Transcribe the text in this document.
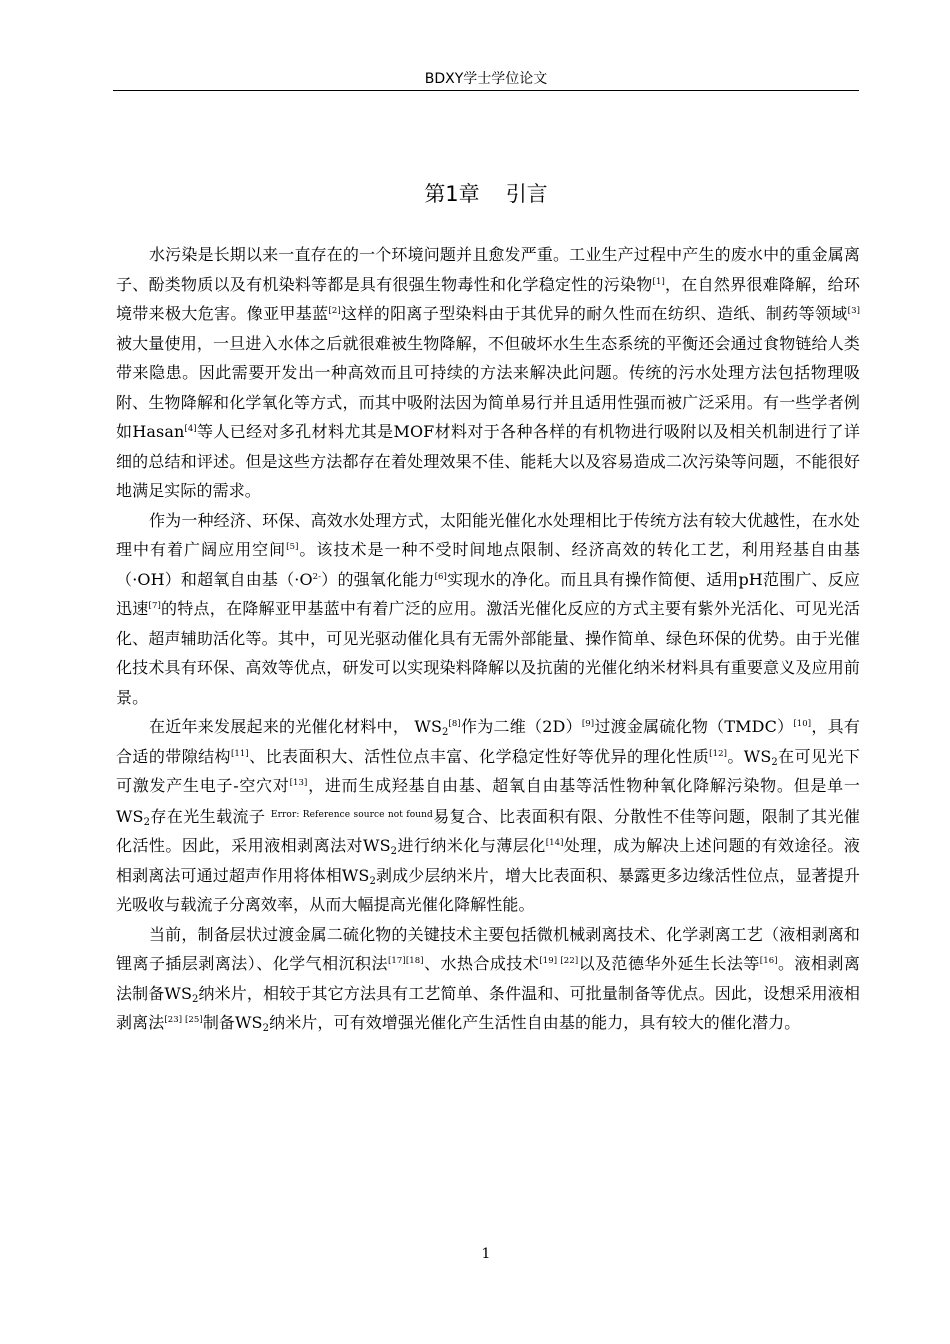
BDXY学士学位论文
第1章 引言

水污染是长期以来一直存在的一个环境问题并且愈发严重。工业生产过程中产生的废水中的重金属离子、酚类物质以及有机染料等都是具有很强生物毒性和化学稳定性的污染物[1]，在自然界很难降解，给环境带来极大危害。像亚甲基蓝[2]这样的阳离子型染料由于其优异的耐久性而在纺织、造纸、制药等领域[3]被大量使用，一旦进入水体之后就很难被生物降解，不但破坏水生生态系统的平衡还会通过食物链给人类带来隐患。因此需要开发出一种高效而且可持续的方法来解决此问题。传统的污水处理方法包括物理吸附、生物降解和化学氧化等方式，而其中吸附法因为简单易行并且适用性强而被广泛采用。有一些学者例如Hasan[4]等人已经对多孔材料尤其是MOF材料对于各种各样的有机物进行吸附以及相关机制进行了详细的总结和评述。但是这些方法都存在着处理效果不佳、能耗大以及容易造成二次污染等问题，不能很好地满足实际的需求。

作为一种经济、环保、高效水处理方式，太阳能光催化水处理相比于传统方法有较大优越性，在水处理中有着广阔应用空间[5]。该技术是一种不受时间地点限制、经济高效的转化工艺，利用羟基自由基（·OH）和超氧自由基$(\cdot O^{2-})$的强氧化能力[6]实现水的净化。而且具有操作简便、适用pH范围广、反应迅速[7]的特点，在降解亚甲基蓝中有着广泛的应用。激活光催化反应的方式主要有紫外光活化、可见光活化、超声辅助活化等。其中，可见光驱动催化具有无需外部能量、操作简单、绿色环保的优势。由于光催化技术具有环保、高效等优点，研发可以实现染料降解以及抗菌的光催化纳米材料具有重要意义及应用前景。

在近年来发展起来的光催化材料中， $WS_2[8]$作为二维（2D）[9]过渡金属硫化物（TMDC）[10]，具有合适的带隙结构[11]、比表面积大、活性位点丰富、化学稳定性好等优异的理化性质[12]。$WS_2$在可见光下可激发产生电子-空穴对[13]，进而生成羟基自由基、超氧自由基等活性物种氧化降解污染物。但是单一$WS_2$存在光生载流子 $^{Error: Reference source not found}$易复合、比表面积有限、分散性不佳等问题，限制了其光催化活性。因此，采用液相剥离法对$WS_2$进行纳米化与薄层化[14]处理，成为解决上述问题的有效途径。液相剥离法可通过超声作用将体相$WS_2$剥成少层纳米片，增大比表面积、暴露更多边缘活性位点，显著提升光吸收与载流子分离效率，从而大幅提高光催化降解性能。

当前，制备层状过渡金属二硫化物的关键技术主要包括微机械剥离技术、化学剥离工艺（液相剥离和锂离子插层剥离法）、化学气相沉积法[17][18]、水热合成技术[19] [22]以及范德华外延生长法等[16]。液相剥离法制备$WS_2$纳米片，相较于其它方法具有工艺简单、条件温和、可批量制备等优点。因此，设想采用液相剥离法[23] [25]制备$WS_2$纳米片，可有效增强光催化产生活性自由基的能力，具有较大的催化潜力。

1
